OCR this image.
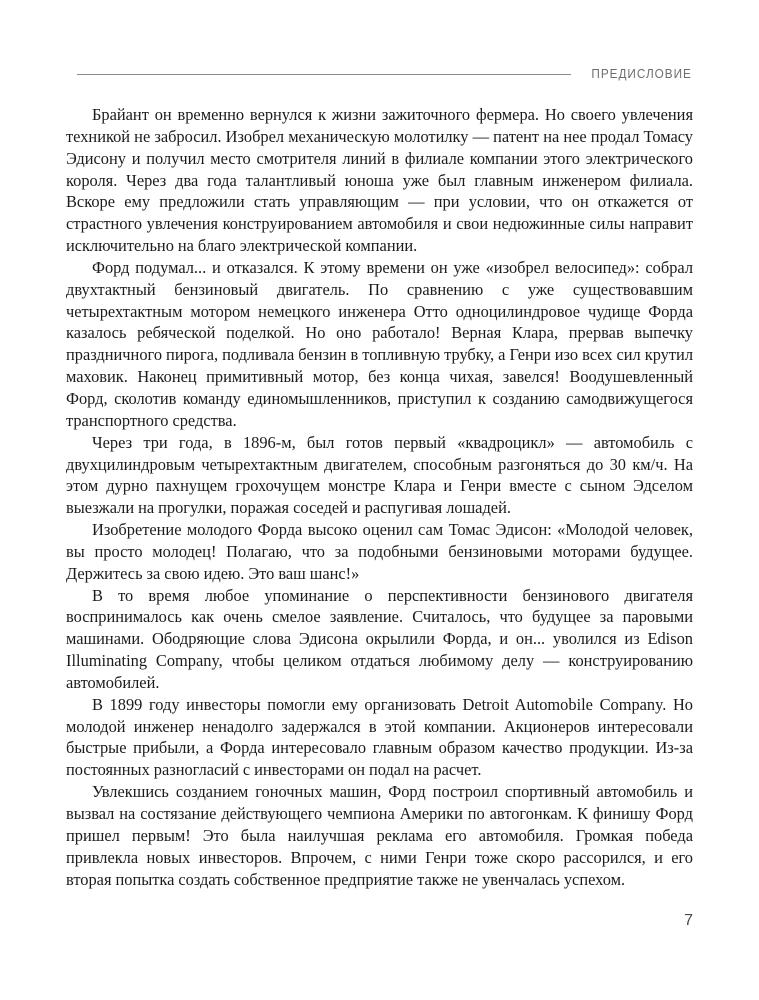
ПРЕДИСЛОВИЕ

Брайант он временно вернулся к жизни зажиточного фермера. Но своего увлечения техникой не забросил. Изобрел механическую молотилку — патент на нее продал Томасу Эдисону и получил место смотрителя линий в филиале компании этого электрического короля. Через два года талантливый юноша уже был главным инженером филиала. Вскоре ему предложили стать управляющим — при условии, что он откажется от страстного увлечения конструированием автомобиля и свои недюжинные силы направит исключительно на благо электрической компании.

Форд подумал... и отказался. К этому времени он уже «изобрел велосипед»: собрал двухтактный бензиновый двигатель. По сравнению с уже существовавшим четырехтактным мотором немецкого инженера Отто одноцилиндровое чудище Форда казалось ребяческой поделкой. Но оно работало! Верная Клара, прервав выпечку праздничного пирога, подливала бензин в топливную трубку, а Генри изо всех сил крутил маховик. Наконец примитивный мотор, без конца чихая, завелся! Воодушевленный Форд, сколотив команду единомышленников, приступил к созданию самодвижущегося транспортного средства.

Через три года, в 1896-м, был готов первый «квадроцикл» — автомобиль с двухцилиндровым четырехтактным двигателем, способным разгоняться до 30 км/ч. На этом дурно пахнущем грохочущем монстре Клара и Генри вместе с сыном Эдселом выезжали на прогулки, поражая соседей и распугивая лошадей.

Изобретение молодого Форда высоко оценил сам Томас Эдисон: «Молодой человек, вы просто молодец! Полагаю, что за подобными бензиновыми моторами будущее. Держитесь за свою идею. Это ваш шанс!»

В то время любое упоминание о перспективности бензинового двигателя воспринималось как очень смелое заявление. Считалось, что будущее за паровыми машинами. Ободряющие слова Эдисона окрылили Форда, и он... уволился из Edison Illuminating Company, чтобы целиком отдаться любимому делу — конструированию автомобилей.

В 1899 году инвесторы помогли ему организовать Detroit Automobile Company. Но молодой инженер ненадолго задержался в этой компании. Акционеров интересовали быстрые прибыли, а Форда интересовало главным образом качество продукции. Из-за постоянных разногласий с инвесторами он подал на расчет.

Увлекшись созданием гоночных машин, Форд построил спортивный автомобиль и вызвал на состязание действующего чемпиона Америки по автогонкам. К финишу Форд пришел первым! Это была наилучшая реклама его автомобиля. Громкая победа привлекла новых инвесторов. Впрочем, с ними Генри тоже скоро рассорился, и его вторая попытка создать собственное предприятие также не увенчалась успехом.

7
